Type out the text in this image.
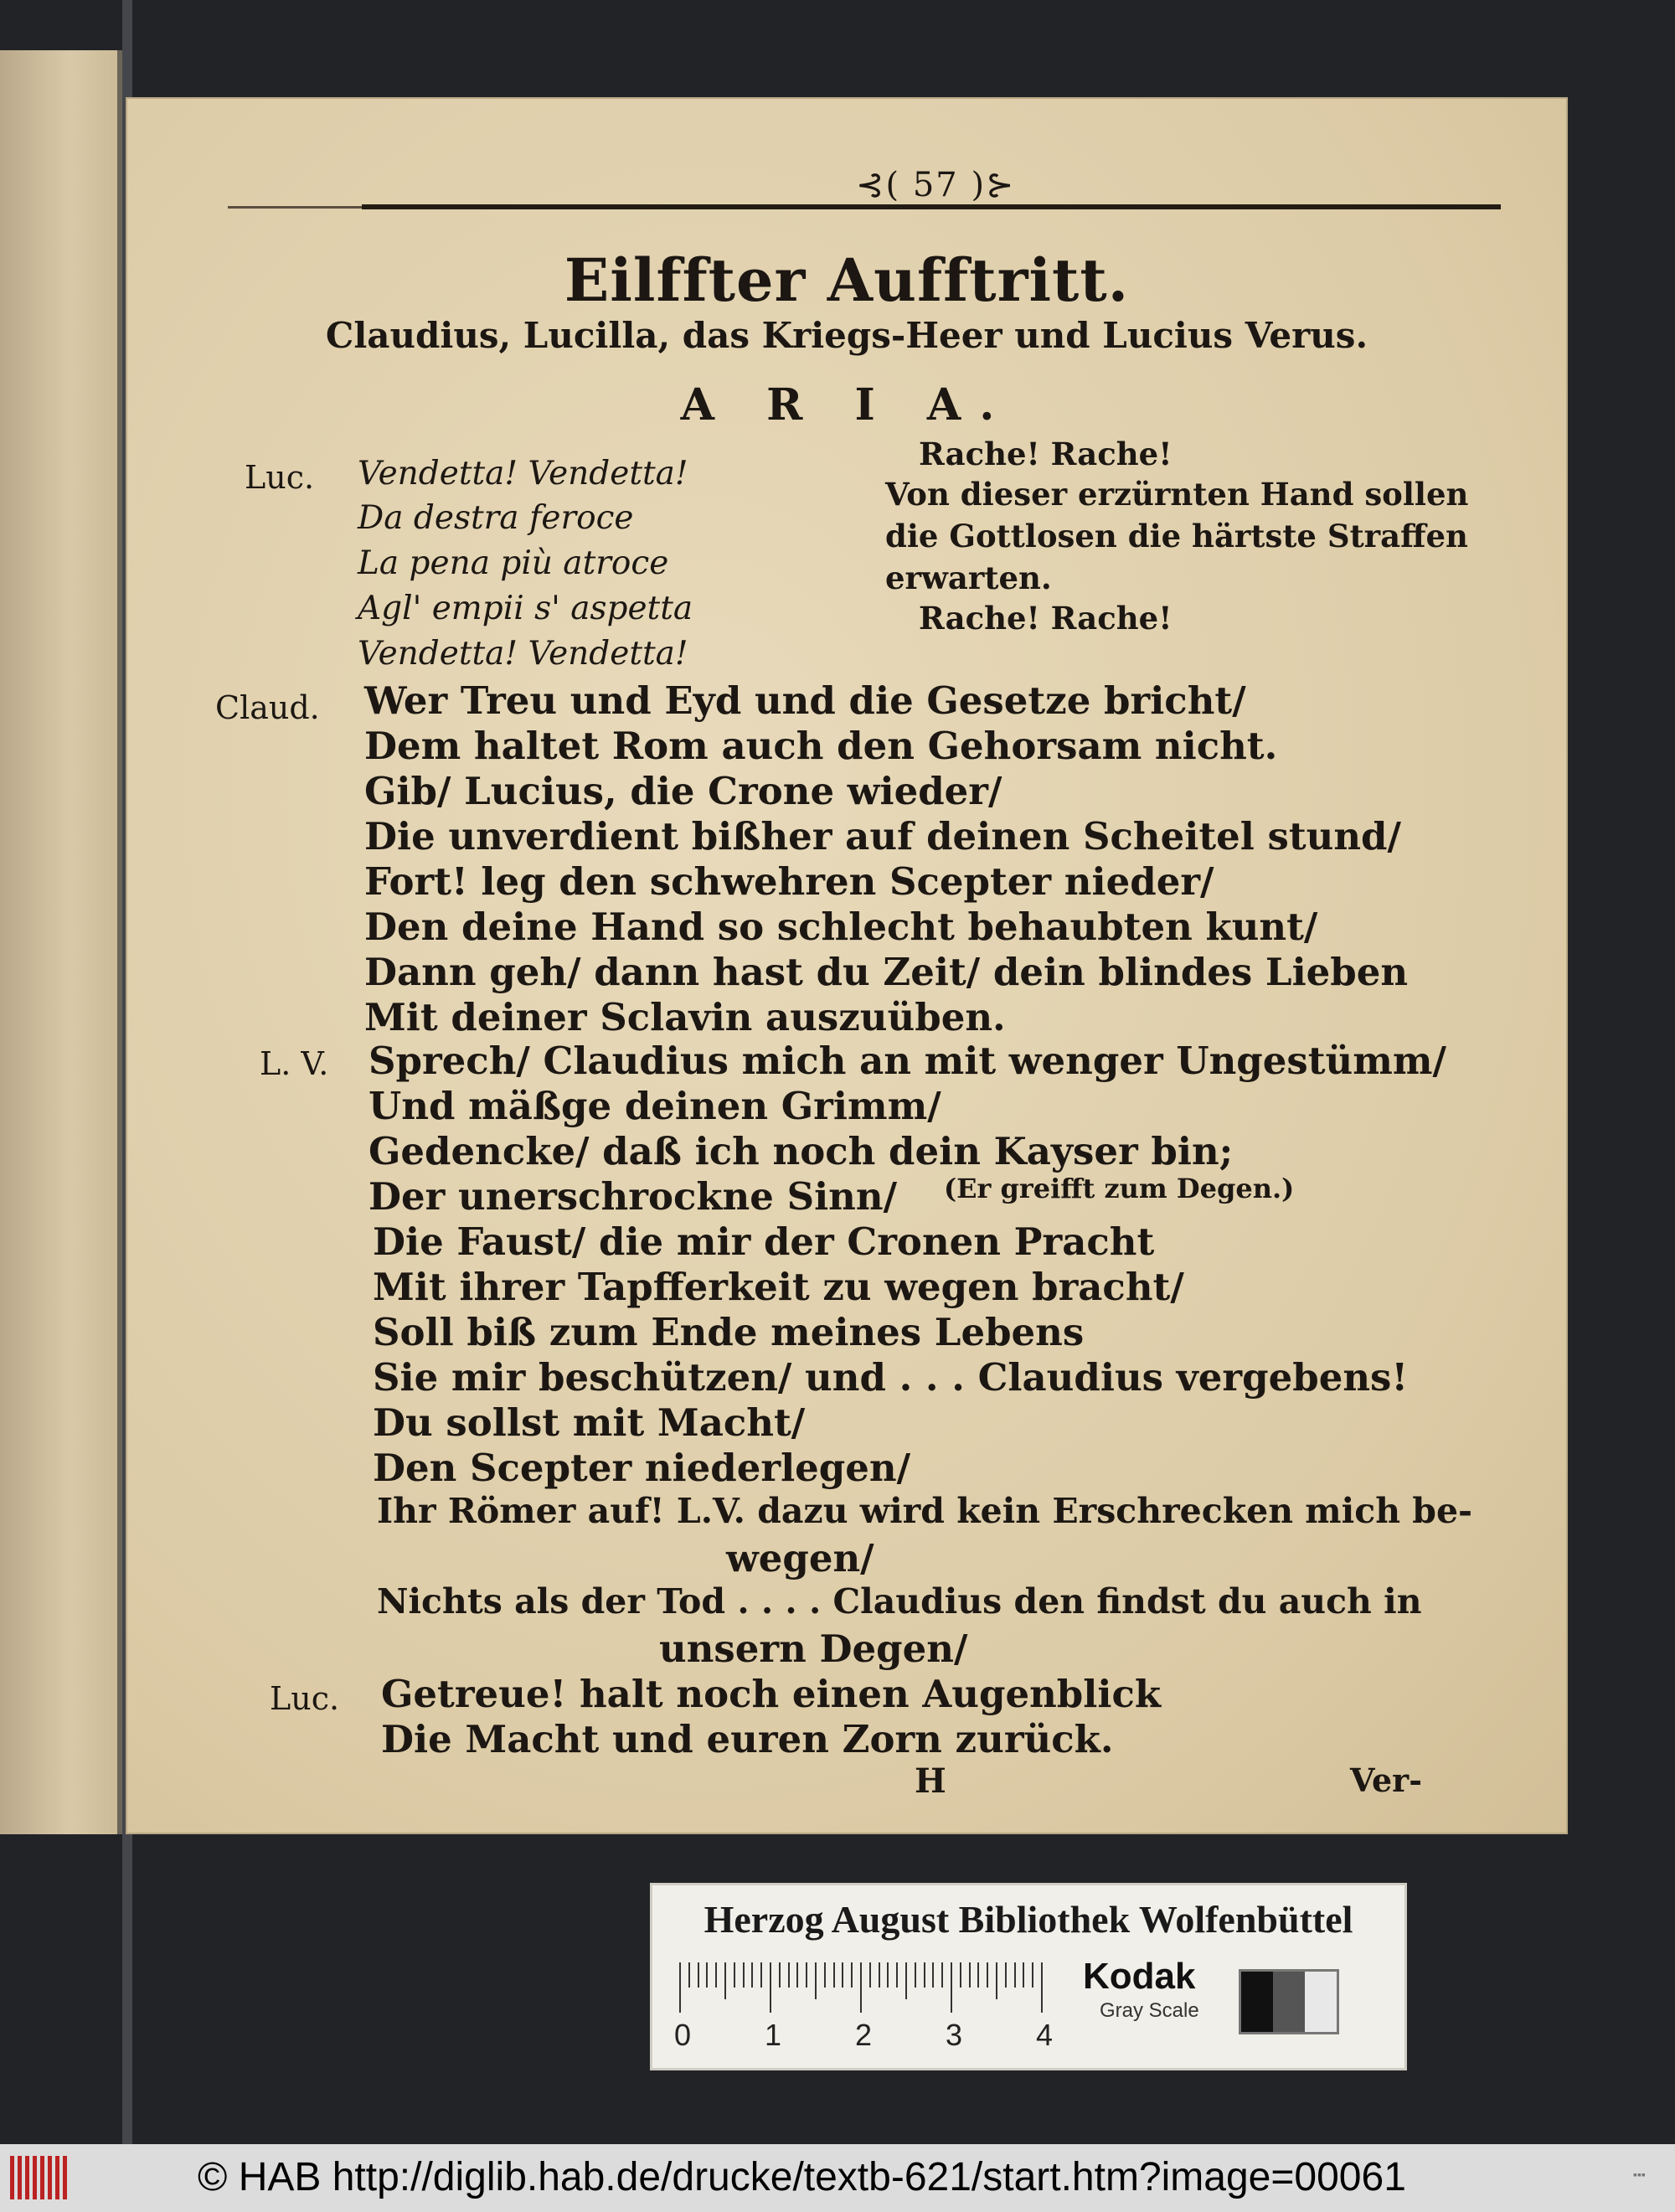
⊰( 57 )⊱
Eilffter Aufftritt.
Claudius, Lucilla, das Kriegs-Heer und Lucius Verus.
A R I A.
Luc. Vendetta! Vendetta!
Da destra feroce
La pena più atroce
Agl' empii s' aspetta
Vendetta! Vendetta!
Rache! Rache!
Von dieser erzürnten Hand sollen
die Gottlosen die härtste Straffen
erwarten.
Rache! Rache!
Claud. Wer Treu und Eyd und die Gesetze bricht/
Dem haltet Rom auch den Gehorsam nicht.
Gib/ Lucius, die Crone wieder/
Die unverdient bißher auf deinen Scheitel stund/
Fort! leg den schwehren Scepter nieder/
Den deine Hand so schlecht behaubten kunt/
Dann geh/ dann hast du Zeit/ dein blindes Lieben
Mit deiner Sclavin auszuüben.
L. V. Sprech/ Claudius mich an mit wenger Ungestümm/
Und mäßge deinen Grimm/
Gedencke/ daß ich noch dein Kayser bin;
Der unerschrockne Sinn/ (Er greifft zum Degen.)
Die Faust/ die mir der Cronen Pracht
Mit ihrer Tapfferkeit zu wegen bracht/
Soll biß zum Ende meines Lebens
Sie mir beschützen/ und . . . Claudius vergebens!
Du sollst mit Macht/
Den Scepter niederlegen/
Ihr Römer auf! L.V. dazu wird kein Erschrecken mich be-
wegen/
Nichts als der Tod . . . . Claudius den findst du auch in
unsern Degen/
Luc. Getreue! halt noch einen Augenblick
Die Macht und euren Zorn zurück.
H	Ver-
Herzog August Bibliothek Wolfenbüttel
0 1 2 3 4
Kodak
Gray Scale
© HAB http://diglib.hab.de/drucke/textb-621/start.htm?image=00061	▪▪▪
